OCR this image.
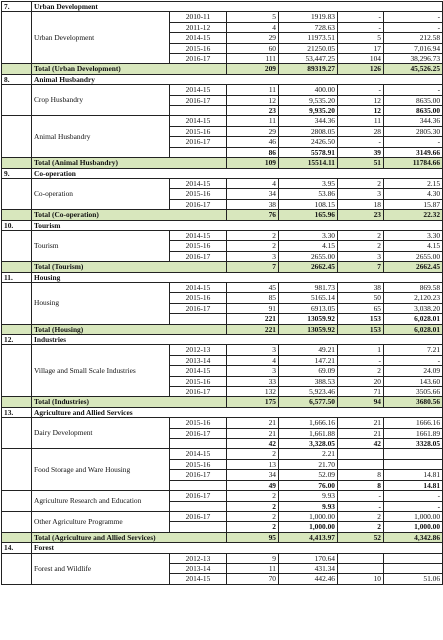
7.	Urban Development					
	Urban Development	2010-11	5	1919.83	-	-
		2011-12	4	728.63	-	-
		2014-15	29	11973.51	5	212.58
		2015-16	60	21250.05	17	7,016.94
		2016-17	111	53,447.25	104	38,296.73
	Total (Urban Development)		209	89319.27	126	45,526.25
8.	Animal Husbandry					
	Crop Husbandry	2014-15	11	400.00	-	-
		2016-17	12	9,535.20	12	8635.00
			23	9,935.20	12	8635.00
	Animal Husbandry	2014-15	11	344.36	11	344.36
		2015-16	29	2808.05	28	2805.30
		2016-17	46	2426.50	-	-
			86	5578.91	39	3149.66
	Total (Animal Husbandry)		109	15514.11	51	11784.66
9.	Co-operation					
	Co-operation	2014-15	4	3.95	2	2.15
		2015-16	34	53.86	3	4.30
		2016-17	38	108.15	18	15.87
	Total (Co-operation)		76	165.96	23	22.32
10.	Tourism					
	Tourism	2014-15	2	3.30	2	3.30
		2015-16	2	4.15	2	4.15
		2016-17	3	2655.00	3	2655.00
	Total (Tourism)		7	2662.45	7	2662.45
11.	Housing					
	Housing	2014-15	45	981.73	38	869.58
		2015-16	85	5165.14	50	2,120.23
		2016-17	91	6913.05	65	3,038.20
			221	13059.92	153	6,028.01
	Total (Housing)		221	13059.92	153	6,028.01
12.	Industries					
	Village and Small Scale Industries	2012-13	3	49.21	1	7.21
		2013-14	4	147.21	-	-
		2014-15	3	69.09	2	24.09
		2015-16	33	388.53	20	143.60
		2016-17	132	5,923.46	71	3505.66
	Total (Industries)		175	6,577.50	94	3680.56
13.	Agriculture and Allied Services					
	Dairy Development	2015-16	21	1,666.16	21	1666.16
		2016-17	21	1,661.88	21	1661.89
			42	3,328.05	42	3328.05
	Food Storage and Ware Housing	2014-15	2	2.21		
		2015-16	13	21.70		
		2016-17	34	52.09	8	14.81
			49	76.00	8	14.81
	Agriculture Research and Education	2016-17	2	9.93	-	-
			2	9.93	-	-
	Other Agriculture Programme	2016-17	2	1,000.00	2	1,000.00
			2	1,000.00	2	1,000.00
	Total (Agriculture and Allied Services)		95	4,413.97	52	4,342.86
14.	Forest					
	Forest and Wildlife	2012-13	9	170.64		
		2013-14	11	431.34		
		2014-15	70	442.46	10	51.06
